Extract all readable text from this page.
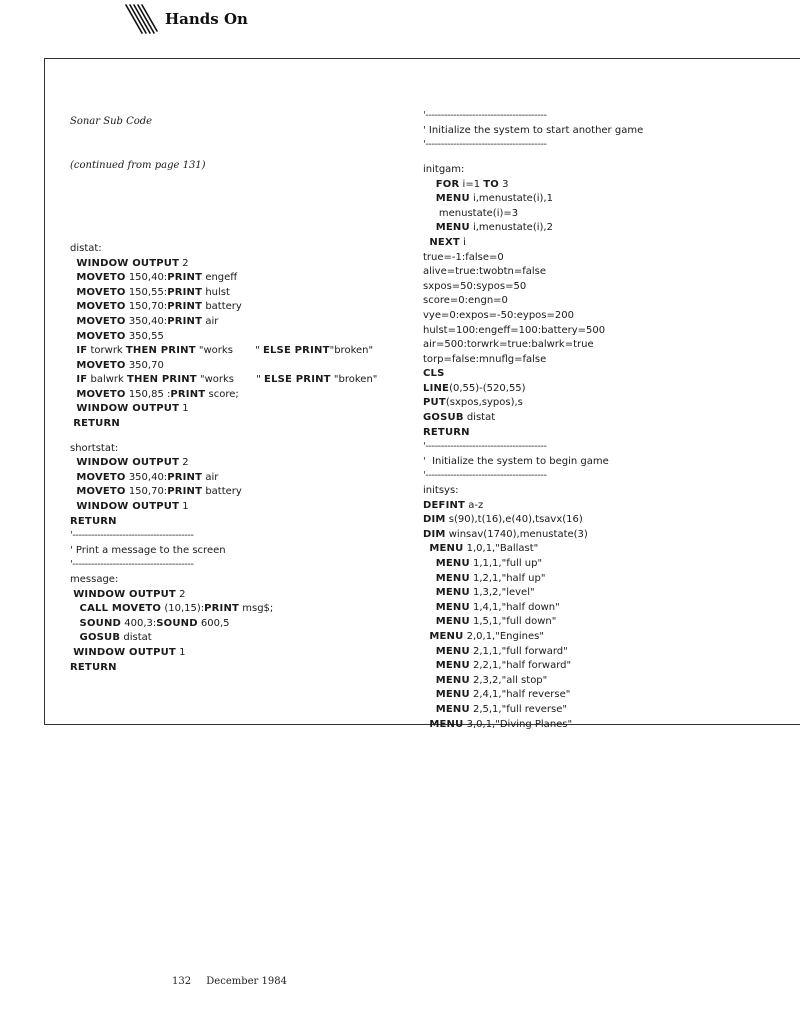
Hands On

Sonar Sub Code

(continued from page 131)

distat:
WINDOW OUTPUT 2
MOVETO 150,40:PRINT engeff
MOVETO 150,55:PRINT hulst
MOVETO 150,70:PRINT battery
MOVETO 350,40:PRINT air
MOVETO 350,55
IF torwrk THEN PRINT "works       " ELSE PRINT"broken"
MOVETO 350,70
IF balwrk THEN PRINT "works       " ELSE PRINT "broken"
MOVETO 150,85 :PRINT score;
WINDOW OUTPUT 1
RETURN
shortstat:
WINDOW OUTPUT 2
MOVETO 350,40:PRINT air
MOVETO 150,70:PRINT battery
WINDOW OUTPUT 1
RETURN
'---------------------------------------
' Print a message to the screen
'---------------------------------------
message:
WINDOW OUTPUT 2
CALL MOVETO (10,15):PRINT msg$;
SOUND 400,3:SOUND 600,5
GOSUB distat
WINDOW OUTPUT 1
RETURN

'---------------------------------------
' Initialize the system to start another game
'---------------------------------------
initgam:
FOR i=1 TO 3
MENU i,menustate(i),1
menustate(i)=3
MENU i,menustate(i),2
NEXT i
true=-1:false=0
alive=true:twobtn=false
sxpos=50:sypos=50
score=0:engn=0
vye=0:expos=-50:eypos=200
hulst=100:engeff=100:battery=500
air=500:torwrk=true:balwrk=true
torp=false:mnuflg=false
CLS
LINE(0,55)-(520,55)
PUT(sxpos,sypos),s
GOSUB distat
RETURN
'---------------------------------------
'  Initialize the system to begin game
'---------------------------------------
initsys:
DEFINT a-z
DIM s(90),t(16),e(40),tsavx(16)
DIM winsav(1740),menustate(3)
MENU 1,0,1,"Ballast"
MENU 1,1,1,"full up"
MENU 1,2,1,"half up"
MENU 1,3,2,"level"
MENU 1,4,1,"half down"
MENU 1,5,1,"full down"
MENU 2,0,1,"Engines"
MENU 2,1,1,"full forward"
MENU 2,2,1,"half forward"
MENU 2,3,2,"all stop"
MENU 2,4,1,"half reverse"
MENU 2,5,1,"full reverse"
MENU 3,0,1,"Diving Planes"

132 December 1984
